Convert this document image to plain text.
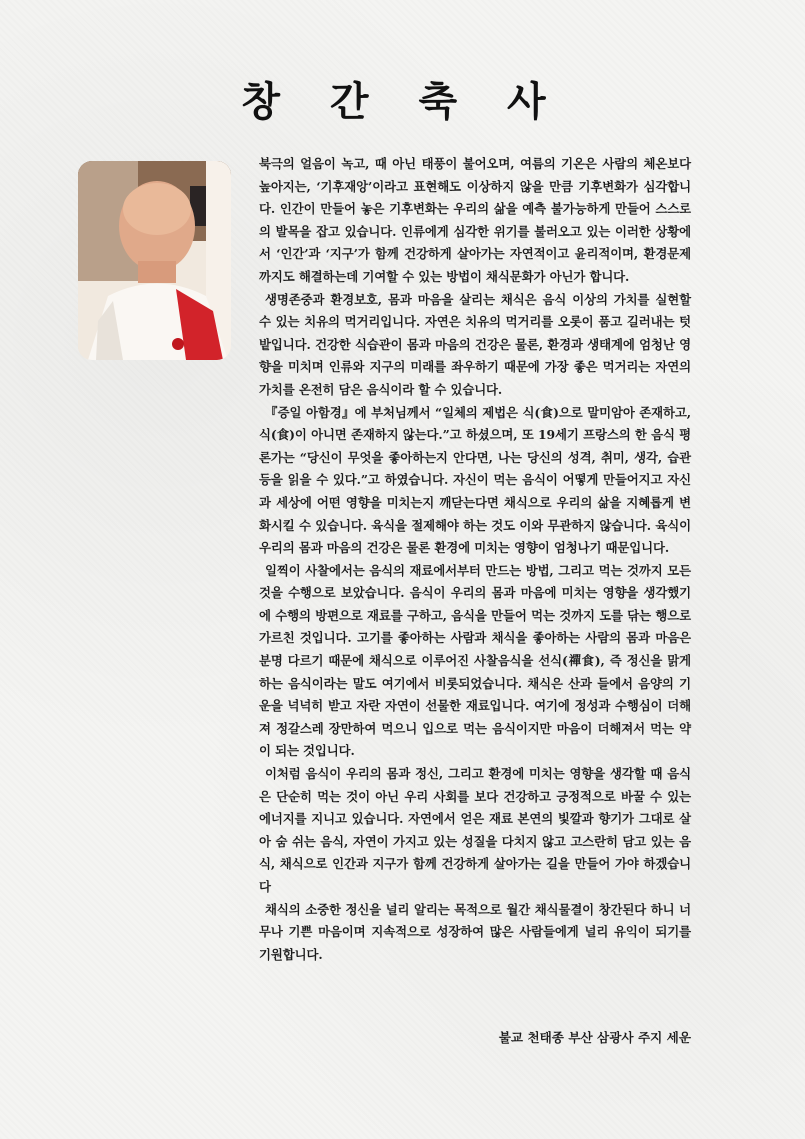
창 간 축 사

북극의 얼음이 녹고, 때 아닌 태풍이 불어오며, 여름의 기온은 사람의 체온보다 높아지는, ‘기후재앙’이라고 표현해도 이상하지 않을 만큼 기후변화가 심각합니다. 인간이 만들어 놓은 기후변화는 우리의 삶을 예측 불가능하게 만들어 스스로의 발목을 잡고 있습니다. 인류에게 심각한 위기를 불러오고 있는 이러한 상황에서 ‘인간’과 ‘지구’가 함께 건강하게 살아가는 자연적이고 윤리적이며, 환경문제까지도 해결하는데 기여할 수 있는 방법이 채식문화가 아닌가 합니다.

생명존중과 환경보호, 몸과 마음을 살리는 채식은 음식 이상의 가치를 실현할 수 있는 치유의 먹거리입니다. 자연은 치유의 먹거리를 오롯이 품고 길러내는 텃밭입니다. 건강한 식습관이 몸과 마음의 건강은 물론, 환경과 생태계에 엄청난 영향을 미치며 인류와 지구의 미래를 좌우하기 때문에 가장 좋은 먹거리는 자연의 가치를 온전히 담은 음식이라 할 수 있습니다.

『증일 아함경』에 부처님께서 “일체의 제법은 식(食)으로 말미암아 존재하고, 식(食)이 아니면 존재하지 않는다.”고 하셨으며, 또 19세기 프랑스의 한 음식 평론가는 “당신이 무엇을 좋아하는지 안다면, 나는 당신의 성격, 취미, 생각, 습관 등을 읽을 수 있다.”고 하였습니다. 자신이 먹는 음식이 어떻게 만들어지고 자신과 세상에 어떤 영향을 미치는지 깨닫는다면 채식으로 우리의 삶을 지혜롭게 변화시킬 수 있습니다. 육식을 절제해야 하는 것도 이와 무관하지 않습니다. 육식이 우리의 몸과 마음의 건강은 물론 환경에 미치는 영향이 엄청나기 때문입니다.

일찍이 사찰에서는 음식의 재료에서부터 만드는 방법, 그리고 먹는 것까지 모든 것을 수행으로 보았습니다. 음식이 우리의 몸과 마음에 미치는 영향을 생각했기에 수행의 방편으로 재료를 구하고, 음식을 만들어 먹는 것까지 도를 닦는 행으로 가르친 것입니다. 고기를 좋아하는 사람과 채식을 좋아하는 사람의 몸과 마음은 분명 다르기 때문에 채식으로 이루어진 사찰음식을 선식(禪食), 즉 정신을 맑게 하는 음식이라는 말도 여기에서 비롯되었습니다. 채식은 산과 들에서 음양의 기운을 넉넉히 받고 자란 자연이 선물한 재료입니다. 여기에 정성과 수행심이 더해져 정갈스레 장만하여 먹으니 입으로 먹는 음식이지만 마음이 더해져서 먹는 약이 되는 것입니다.

이처럼 음식이 우리의 몸과 정신, 그리고 환경에 미치는 영향을 생각할 때 음식은 단순히 먹는 것이 아닌 우리 사회를 보다 건강하고 긍정적으로 바꿀 수 있는 에너지를 지니고 있습니다. 자연에서 얻은 재료 본연의 빛깔과 향기가 그대로 살아 숨 쉬는 음식, 자연이 가지고 있는 성질을 다치지 않고 고스란히 담고 있는 음식, 채식으로 인간과 지구가 함께 건강하게 살아가는 길을 만들어 가야 하겠습니다

채식의 소중한 정신을 널리 알리는 목적으로 월간 채식물결이 창간된다 하니 너무나 기쁜 마음이며 지속적으로 성장하여 많은 사람들에게 널리 유익이 되기를 기원합니다.

불교 천태종 부산 삼광사 주지 세운
